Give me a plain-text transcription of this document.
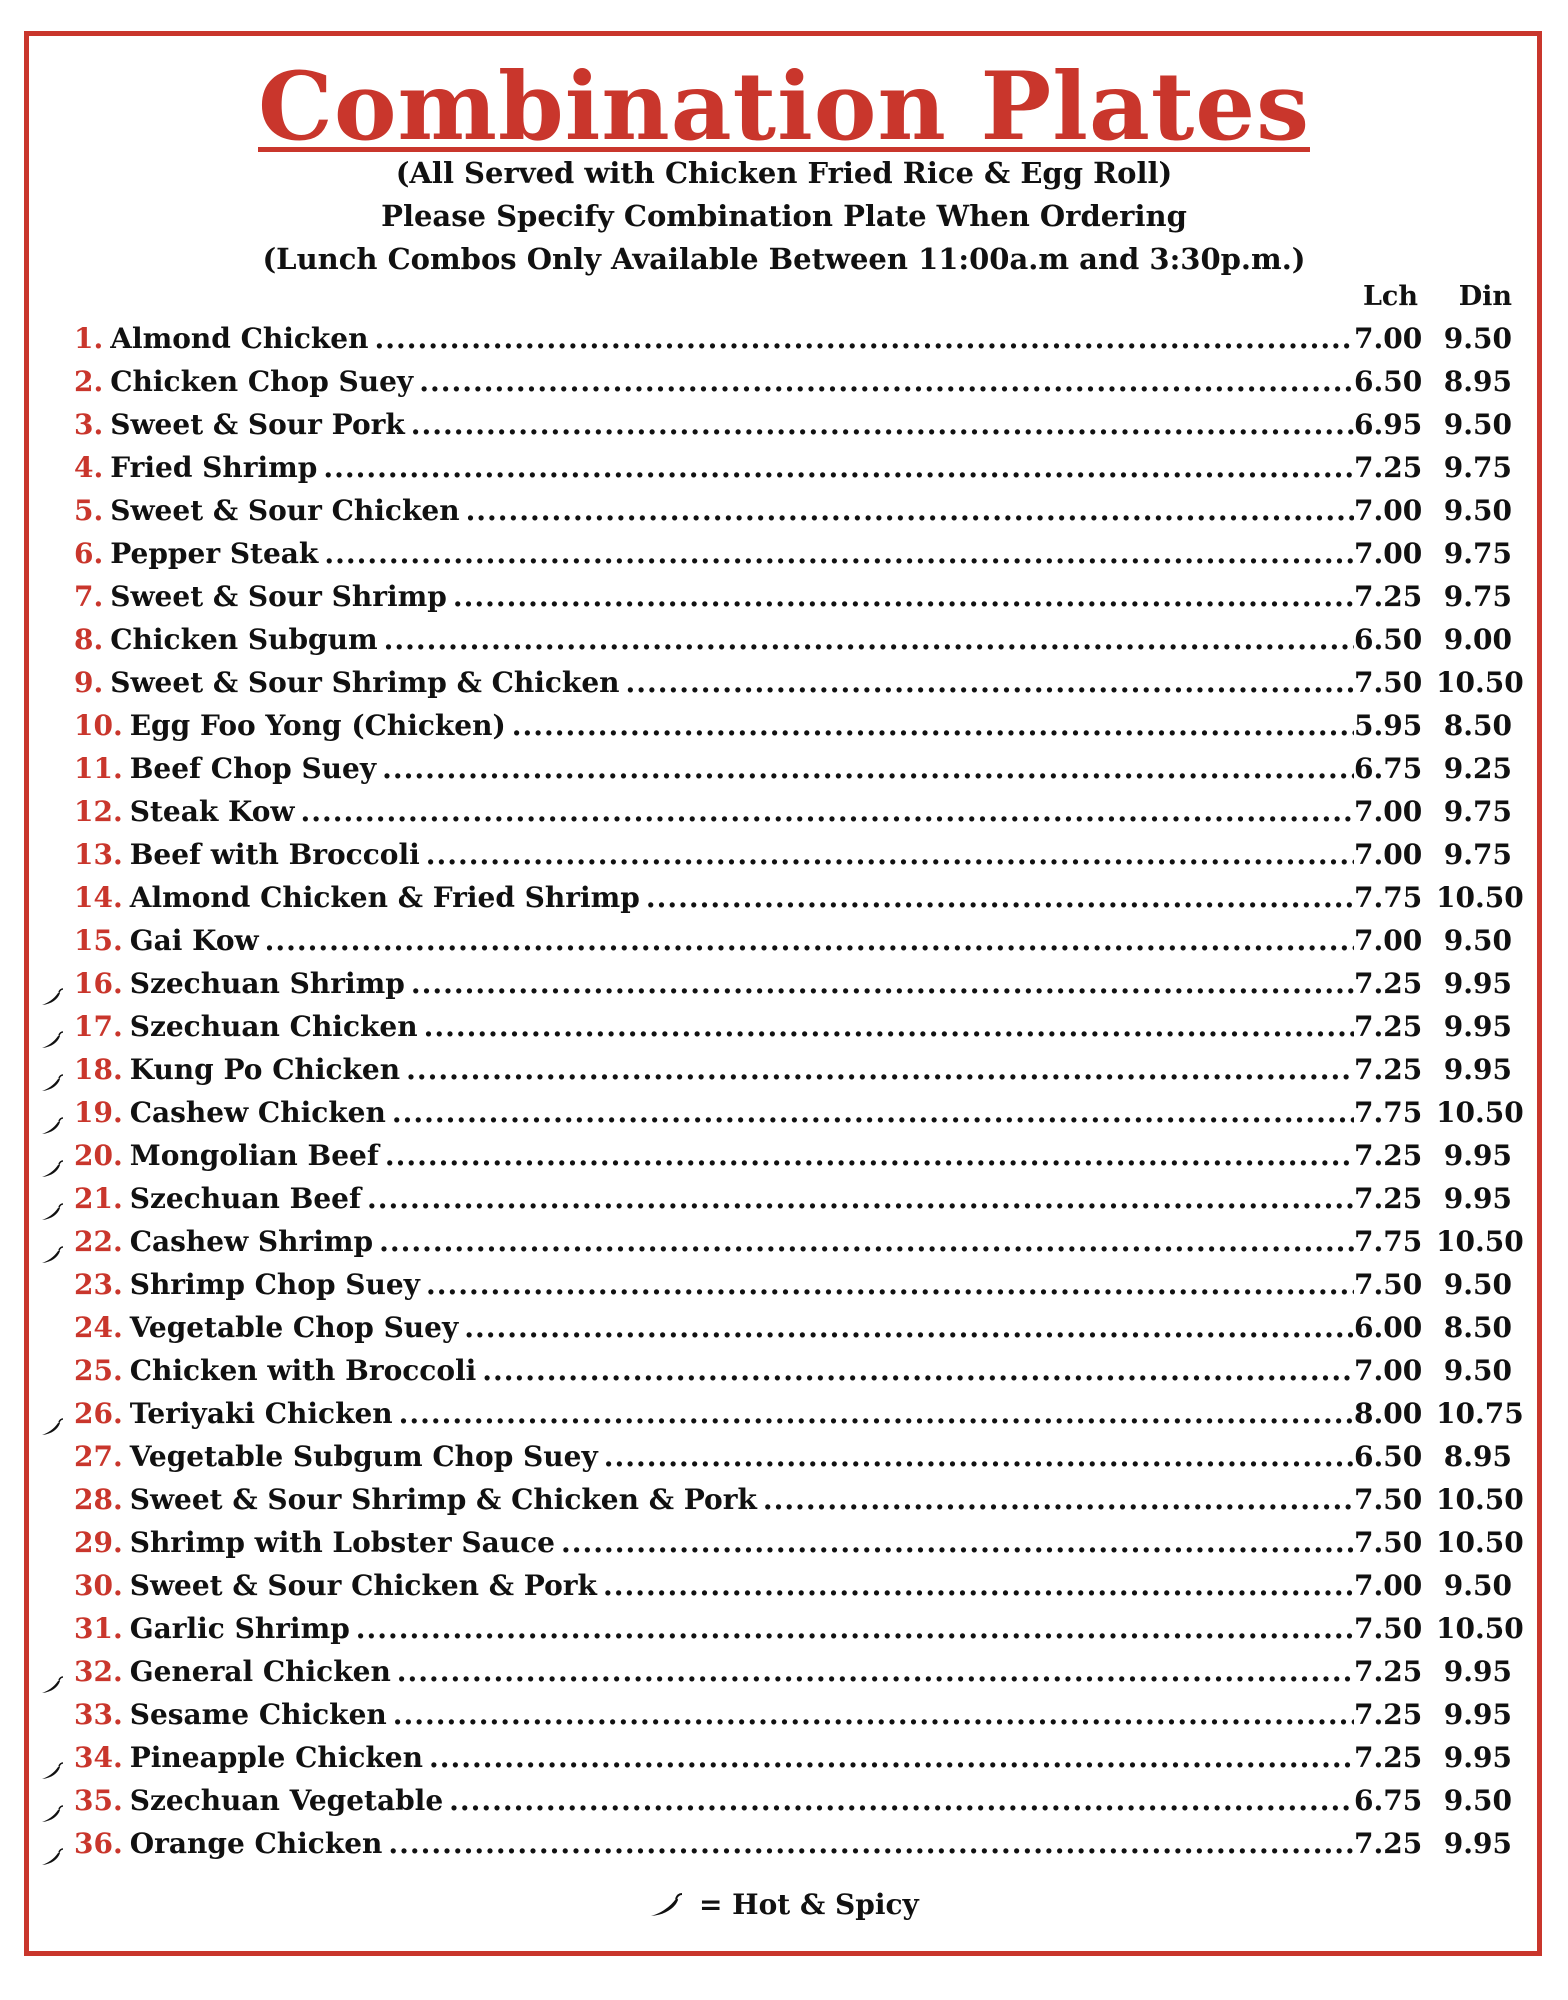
Combination Plates
(All Served with Chicken Fried Rice & Egg Roll)
Please Specify Combination Plate When Ordering
(Lunch Combos Only Available Between 11:00a.m and 3:30p.m.)
Lch	Din
1. Almond Chicken .....	7.00 9.50
2. Chicken Chop Suey .....	6.50 8.95
3. Sweet & Sour Pork .....	6.95 9.50
4. Fried Shrimp .....	7.25 9.75
5. Sweet & Sour Chicken .....	7.00 9.50
6. Pepper Steak .....	7.00 9.75
7. Sweet & Sour Shrimp .....	7.25 9.75
8. Chicken Subgum .....	6.50 9.00
9. Sweet & Sour Shrimp & Chicken .....	7.50 10.50
10. Egg Foo Yong (Chicken) .....	5.95 8.50
11. Beef Chop Suey .....	6.75 9.25
12. Steak Kow .....	7.00 9.75
13. Beef with Broccoli .....	7.00 9.75
14. Almond Chicken & Fried Shrimp .....	7.75 10.50
15. Gai Kow .....	7.00 9.50
16. Szechuan Shrimp .....	7.25 9.95
17. Szechuan Chicken .....	7.25 9.95
18. Kung Po Chicken .....	7.25 9.95
19. Cashew Chicken .....	7.75 10.50
20. Mongolian Beef .....	7.25 9.95
21. Szechuan Beef .....	7.25 9.95
22. Cashew Shrimp .....	7.75 10.50
23. Shrimp Chop Suey .....	7.50 9.50
24. Vegetable Chop Suey .....	6.00 8.50
25. Chicken with Broccoli .....	7.00 9.50
26. Teriyaki Chicken .....	8.00 10.75
27. Vegetable Subgum Chop Suey .....	6.50 8.95
28. Sweet & Sour Shrimp & Chicken & Pork .....	7.50 10.50
29. Shrimp with Lobster Sauce .....	7.50 10.50
30. Sweet & Sour Chicken & Pork .....	7.00 9.50
31. Garlic Shrimp .....	7.50 10.50
32. General Chicken .....	7.25 9.95
33. Sesame Chicken .....	7.25 9.95
34. Pineapple Chicken .....	7.25 9.95
35. Szechuan Vegetable .....	6.75 9.50
36. Orange Chicken .....	7.25 9.95
= Hot & Spicy
